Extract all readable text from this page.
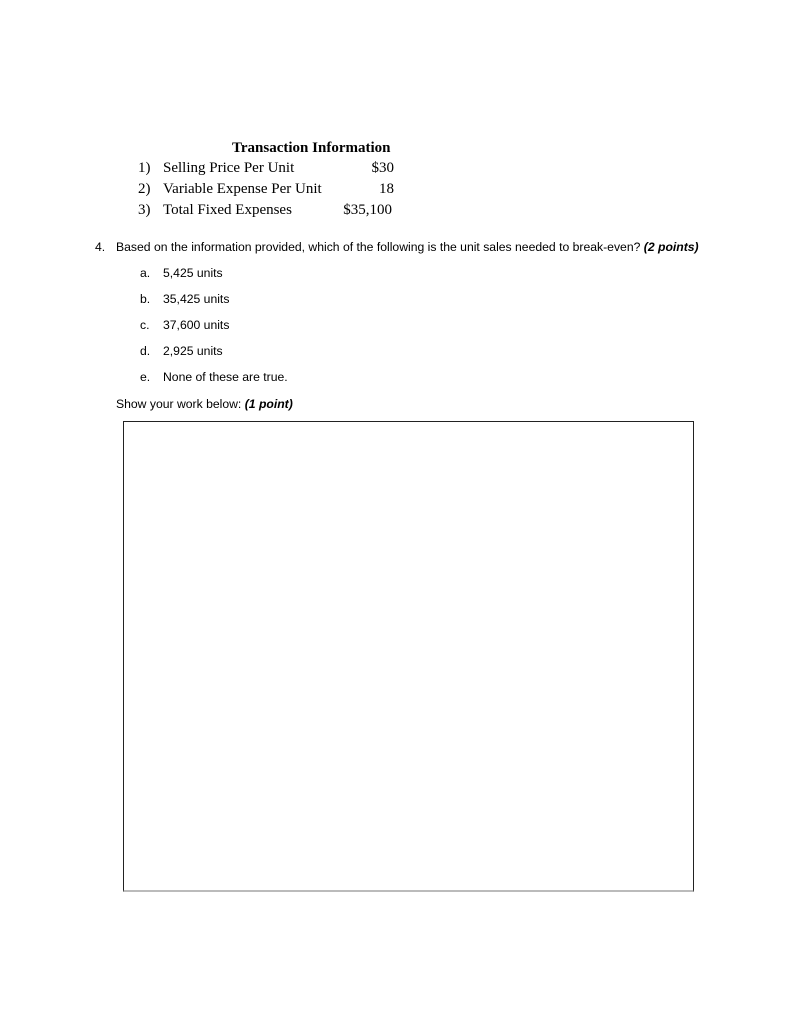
Transaction Information
1) Selling Price Per Unit	$30
2) Variable Expense Per Unit	18
3) Total Fixed Expenses	$35,100
4. Based on the information provided, which of the following is the unit sales needed to break-even? (2 points)
a. 5,425 units
b. 35,425 units
c. 37,600 units
d. 2,925 units
e. None of these are true.
Show your work below: (1 point)
